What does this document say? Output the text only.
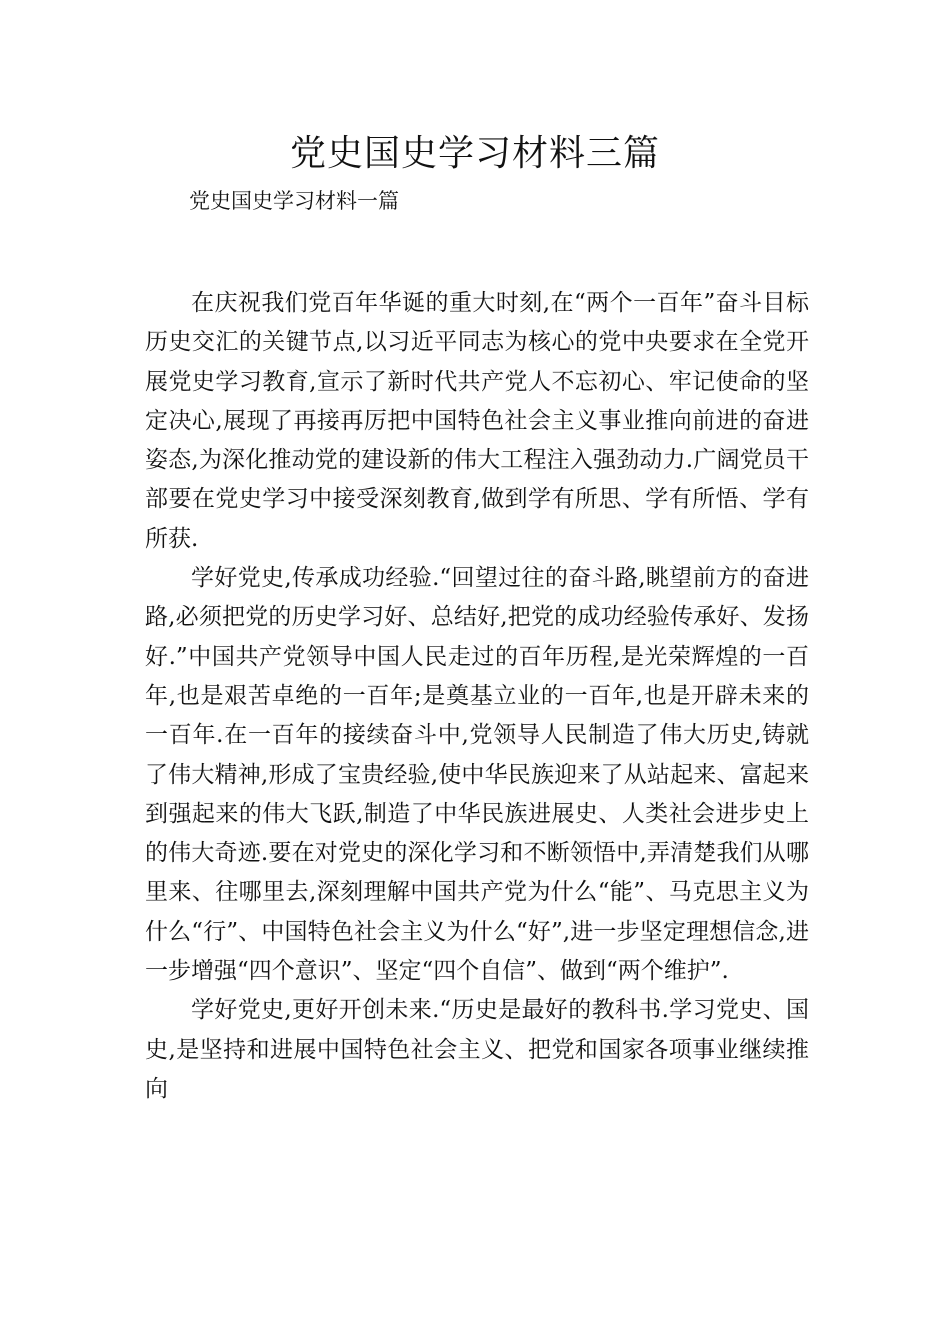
党史国史学习材料三篇

党史国史学习材料一篇

在庆祝我们党百年华诞的重大时刻,在“两个一百年”奋斗目标历史交汇的关键节点,以习近平同志为核心的党中央要求在全党开展党史学习教育,宣示了新时代共产党人不忘初心、牢记使命的坚定决心,展现了再接再厉把中国特色社会主义事业推向前进的奋进姿态,为深化推动党的建设新的伟大工程注入强劲动力.广阔党员干部要在党史学习中接受深刻教育,做到学有所思、学有所悟、学有所获.

学好党史,传承成功经验.“回望过往的奋斗路,眺望前方的奋进路,必须把党的历史学习好、总结好,把党的成功经验传承好、发扬好.”中国共产党领导中国人民走过的百年历程,是光荣辉煌的一百年,也是艰苦卓绝的一百年;是奠基立业的一百年,也是开辟未来的一百年.在一百年的接续奋斗中,党领导人民制造了伟大历史,铸就了伟大精神,形成了宝贵经验,使中华民族迎来了从站起来、富起来到强起来的伟大飞跃,制造了中华民族进展史、人类社会进步史上的伟大奇迹.要在对党史的深化学习和不断领悟中,弄清楚我们从哪里来、往哪里去,深刻理解中国共产党为什么“能”、马克思主义为什么“行”、中国特色社会主义为什么“好”,进一步坚定理想信念,进一步增强“四个意识”、坚定“四个自信”、做到“两个维护”.

学好党史,更好开创未来.“历史是最好的教科书.学习党史、国史,是坚持和进展中国特色社会主义、把党和国家各项事业继续推向
